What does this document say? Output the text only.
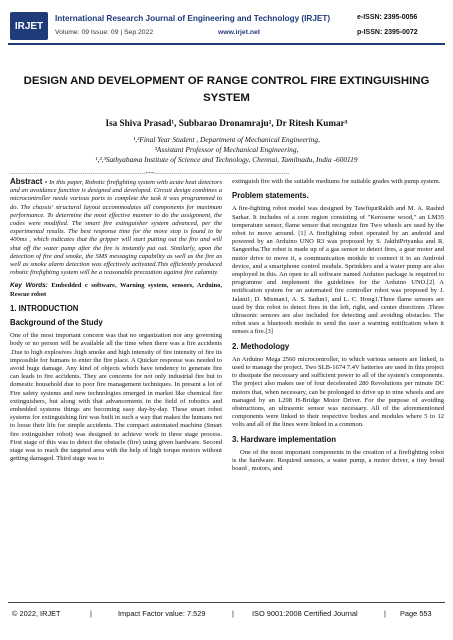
IRJET
International Research Journal of Engineering and Technology (IRJET)
Volume: 09 Issue: 09 | Sep 2022	www.irjet.net
e-ISSN: 2395-0056
p-ISSN: 2395-0072
DESIGN AND DEVELOPMENT OF RANGE CONTROL FIRE EXTINGUISHING SYSTEM
Isa Shiva Prasad¹, Subbarao Dronamraju², Dr Ritesh Kumar³
¹,²Final Year Student , Department of Mechanical Engineering,
³Assistant Professor of Mechanical Engineering,
¹,²,³Sathyabama Institute of Science and Technology, Chennai, Tamilnadu, India -600119
---------------------------------------------------------------------***---------------------------------------------------------------------

Abstract - In this paper, Robotic firefighting system with acute heat detectors and an avoidance function is designed and developed. Circuit design combines a microcontroller needs various parts to complete the task it was programmed to do. The chassis' structural layout accommodates all components for maximum performance. To determine the most effective manner to do the assignment, the codes were modified. The smart fire extinguisher system advanced, per the experimental results. The best response time for the move stop is found to be 400ms , which indicates that the gripper will start putting out the fire and will shut off the water pump after the fire is instantly put out. Similarly, upon the detection of fire and smoke, the SMS messaging capability as well as the fire as well as smoke alarm detection was effectively activated.This efficiently produced robotic firefighting system will be a reasonable precaution against fire calamity.

Key Words: Embedded c software, Warning system, sensors, Arduino, Rescue robot

1. INTRODUCTION
Background of the Study

One of the most important concern was that no organization nor any governing body or no person will be available all the time when there was a fire accidents .Due to high explosives .high smoke and high intensity of fire intensity of fire its impossible for humans to enter the fire place. A Quicker response was needed to avoid huge damage. Any kind of objects which have tendency to generate fire can leads to fire accidents. They are concerns for not only industrial fire but to domestic household due to poor fire management techniques. In present a lot of Fire safety systems and new technologies emerged in market like chemical fire extinguishers, but along with that advancements in the field of robotics and embedded systems things are becoming easy day-by-day. These smart robot systems for extinguishing fire was built in such a way that makes the humans not to loose their life for simple accidents. The compact automated machine (Smart fire extinguisher robot) was designed to achieve work in three stage process. First stage of this was to detect the obstacle (fire) using given hardware. Second stage was to reach the targeted area with the help of high torque motors without getting damaged. Third stage was to

extinguish fire with the suitable mediums for suitable grades with pump system.

Problem statements.

A fire-fighting robot model was designed by TawfiqurRakib and M. A. Rashid Sarkar. It includes of a core region consisting of "Kerosene wood," an LM35 temperature sensor, flame sensor that recognize fire Two wheels are used by the robot to move around. [1] A firefighting robot operated by an android and powered by an Arduino UNO R3 was proposed by S. JakthiPriyanka and R. Sangeetha.The robot is made up of a gas sensor to detect fires, a gear motor and motor drive to move it, a communication module to connect it to an Android device, and a smartphone control module. Sprinklers and a water pump are also employed in this. An open to all software named Arduino package is required to programme and implement the guidelines for the Arduino UNO.[2] A notification system for an automated fire controller robot was proposed by J. Jalani1, D. Misman1, A. S. Sadun1, and L. C. Hong1.Three flame sensors are used by this robot to detect fires in the left, right, and center directions .Three ultrasonic sensors are also included for detecting and avoiding obstacles. The robot uses a bluetooth module to send the user a warning notification when it senses a fire.[3]

2. Methodology

An Arduino Mega 2560 microcontroller, to which various sensors are linked, is used to manage the project. Two SLB-1674 7.4V batteries are used in this project to dissipate the necessary and sufficient power to all of the system's components. The project also makes use of four decelerated 280 Revolutions per minute DC motors that, when necessary, can be prolonged to drive up to nine wheels and are managed by an L298 H-Bridge Motor Driver. For the purpose of avoiding obstructions, an ultrasonic sensor was necessary. All of the aforementioned components were linked to their respective bodies and modules where 5 to 12 volts and all of the lines were linked in a common.

3. Hardware implementation

One of the most important components in the creation of a firefighting robot is the hardware. Required sensors, a water pump, a motor driver, a tiny bread board , motors, and

© 2022, IRJET	|	Impact Factor value: 7.529	| ISO 9001:2008 Certified Journal	| Page 553
